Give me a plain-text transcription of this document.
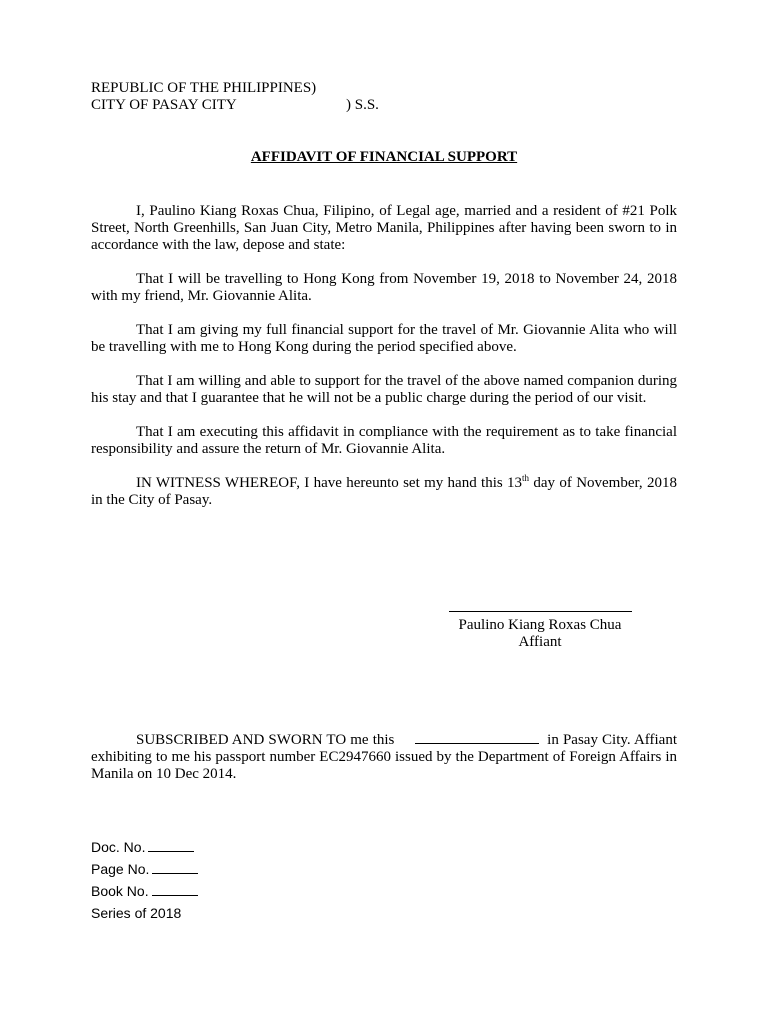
REPUBLIC OF THE PHILIPPINES)
CITY OF PASAY CITY	) S.S.
AFFIDAVIT OF FINANCIAL SUPPORT

I, Paulino Kiang Roxas Chua, Filipino, of Legal age, married and a resident of #21 Polk Street, North Greenhills, San Juan City, Metro Manila, Philippines after having been sworn to in accordance with the law, depose and state:

That I will be travelling to Hong Kong from November 19, 2018 to November 24, 2018 with my friend, Mr. Giovannie Alita.

That I am giving my full financial support for the travel of Mr. Giovannie Alita who will be travelling with me to Hong Kong during the period specified above.

That I am willing and able to support for the travel of the above named companion during his stay and that I guarantee that he will not be a public charge during the period of our visit.

That I am executing this affidavit in compliance with the requirement as to take financial responsibility and assure the return of Mr. Giovannie Alita.

IN WITNESS WHEREOF, I have hereunto set my hand this 13th day of November, 2018 in the City of Pasay.

Paulino Kiang Roxas Chua
Affiant

SUBSCRIBED AND SWORN TO me this	in Pasay City. Affiant exhibiting to me his passport number EC2947660 issued by the Department of Foreign Affairs in Manila on 10 Dec 2014.

Doc. No.
Page No.
Book No.
Series of 2018
